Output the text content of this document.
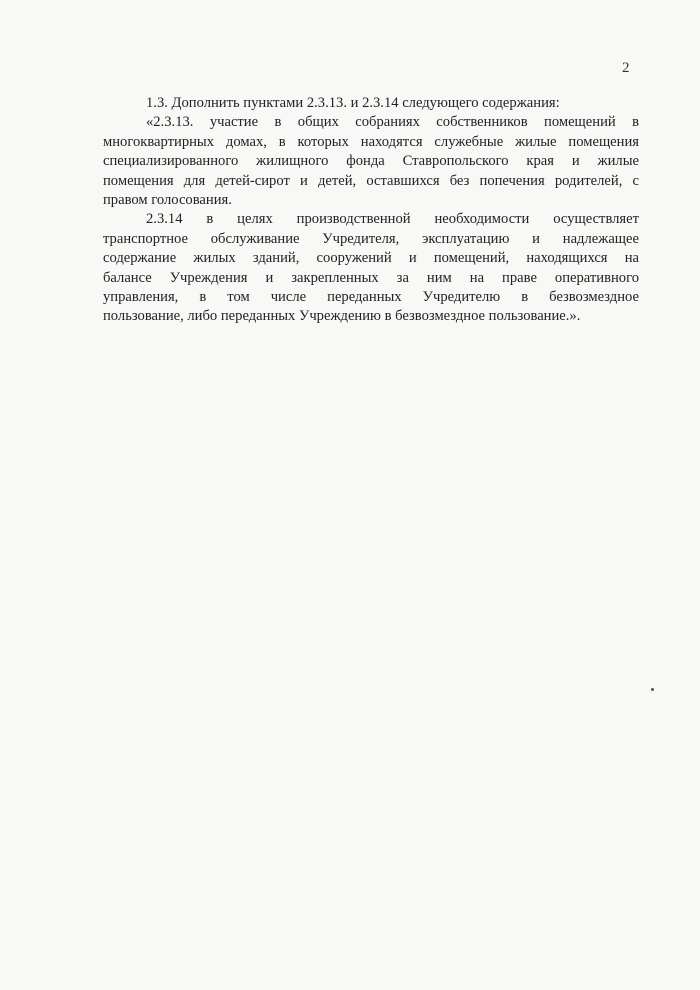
2

1.3. Дополнить пунктами 2.3.13. и 2.3.14 следующего содержания:

«2.3.13. участие в общих собраниях собственников помещений в
многоквартирных домах, в которых находятся служебные жилые помещения
специализированного жилищного фонда Ставропольского края и жилые
помещения для детей-сирот и детей, оставшихся без попечения родителей, с
правом голосования.

2.3.14 в целях производственной необходимости осуществляет
транспортное обслуживание Учредителя, эксплуатацию и надлежащее
содержание жилых зданий, сооружений и помещений, находящихся на
балансе Учреждения и закрепленных за ним на праве оперативного
управления, в том числе переданных Учредителю в безвозмездное
пользование, либо переданных Учреждению в безвозмездное пользование.».
